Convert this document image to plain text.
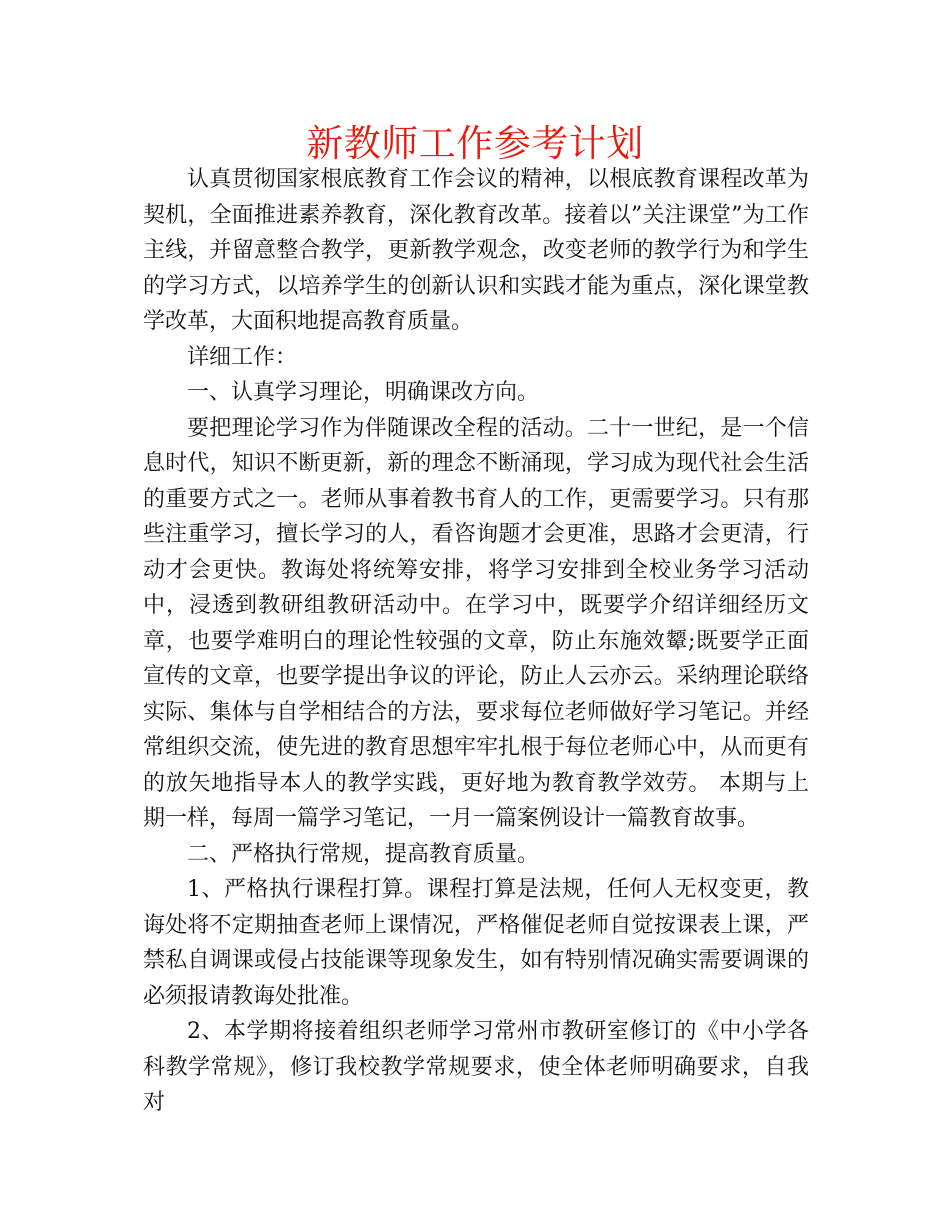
新教师工作参考计划

认真贯彻国家根底教育工作会议的精神，以根底教育课程改革为契机，全面推进素养教育，深化教育改革。接着以”关注课堂”为工作主线，并留意整合教学，更新教学观念，改变老师的教学行为和学生的学习方式，以培养学生的创新认识和实践才能为重点，深化课堂教学改革，大面积地提高教育质量。

详细工作：

一、认真学习理论，明确课改方向。

要把理论学习作为伴随课改全程的活动。二十一世纪，是一个信息时代，知识不断更新，新的理念不断涌现，学习成为现代社会生活的重要方式之一。老师从事着教书育人的工作，更需要学习。只有那些注重学习，擅长学习的人，看咨询题才会更准，思路才会更清，行动才会更快。教诲处将统筹安排，将学习安排到全校业务学习活动中，浸透到教研组教研活动中。在学习中，既要学介绍详细经历文章，也要学难明白的理论性较强的文章，防止东施效颦;既要学正面宣传的文章，也要学提出争议的评论，防止人云亦云。采纳理论联络实际、集体与自学相结合的方法，要求每位老师做好学习笔记。并经常组织交流，使先进的教育思想牢牢扎根于每位老师心中，从而更有的放矢地指导本人的教学实践，更好地为教育教学效劳。 本期与上期一样，每周一篇学习笔记，一月一篇案例设计一篇教育故事。

二、严格执行常规，提高教育质量。

1、严格执行课程打算。课程打算是法规，任何人无权变更，教诲处将不定期抽查老师上课情况，严格催促老师自觉按课表上课，严禁私自调课或侵占技能课等现象发生，如有特别情况确实需要调课的必须报请教诲处批准。

2、本学期将接着组织老师学习常州市教研室修订的《中小学各科教学常规》，修订我校教学常规要求，使全体老师明确要求，自我对
